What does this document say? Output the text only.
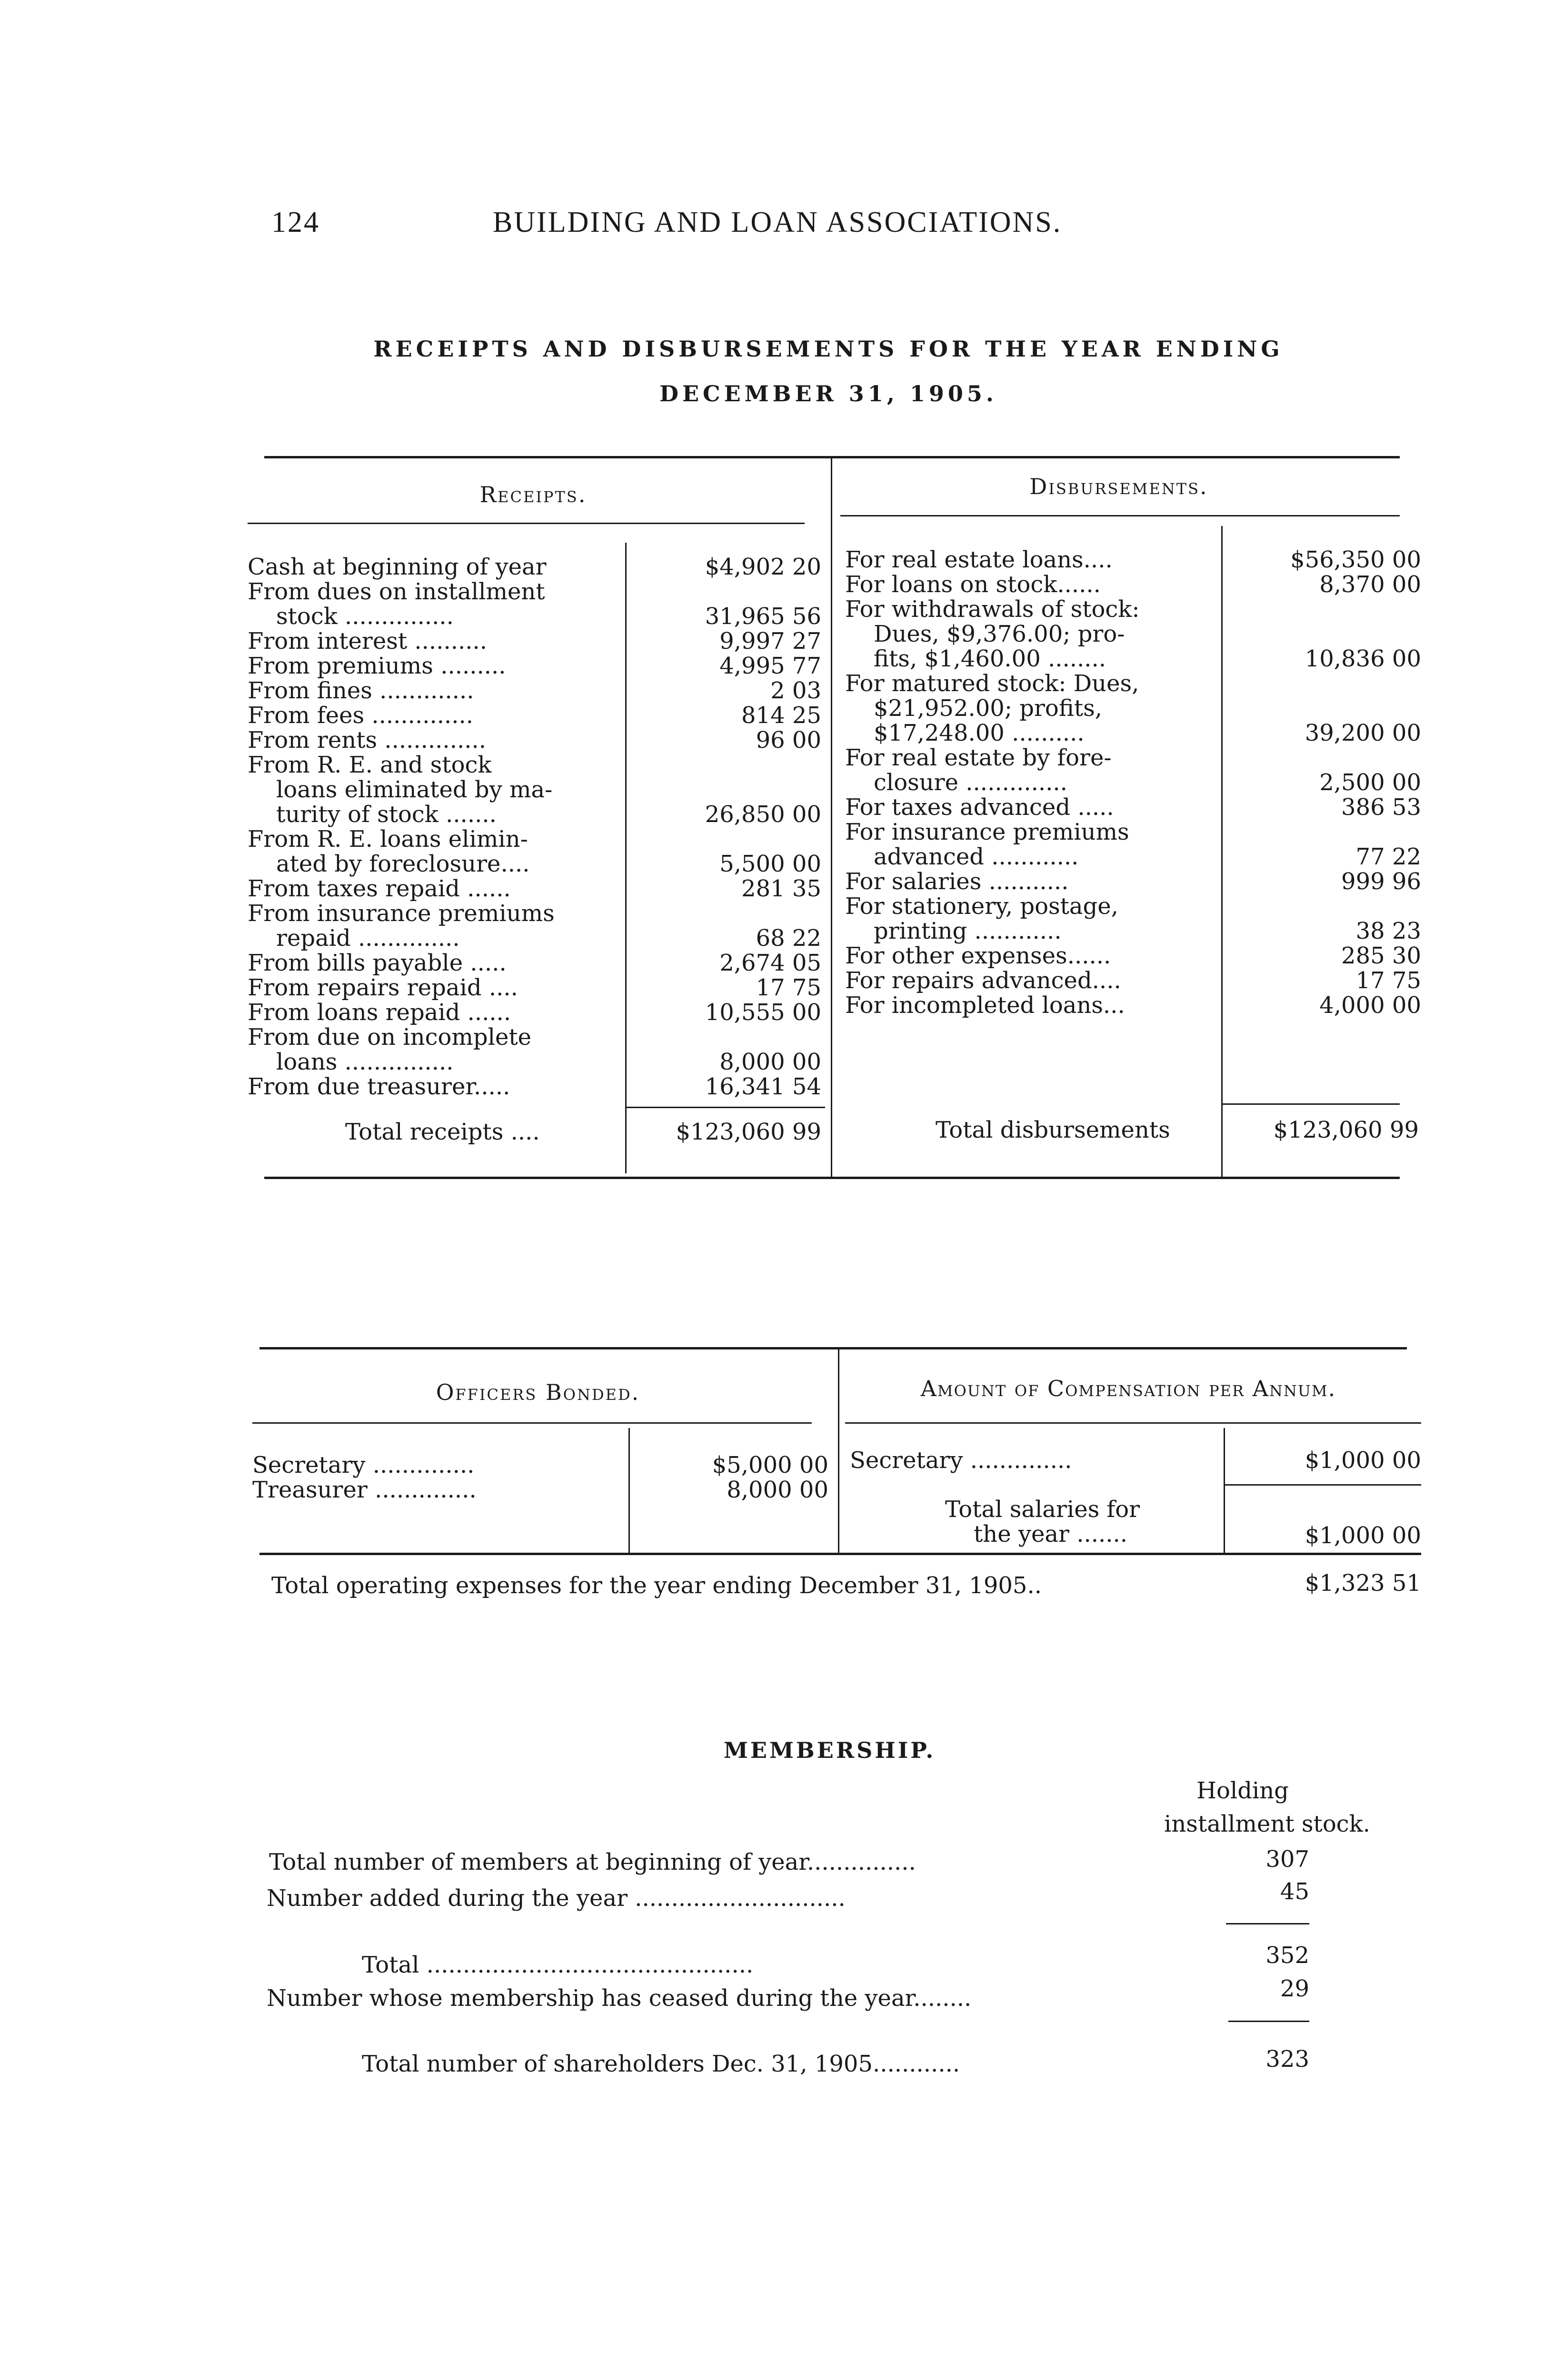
124	BUILDING AND LOAN ASSOCIATIONS.
RECEIPTS AND DISBURSEMENTS FOR THE YEAR ENDING
DECEMBER 31, 1905.
Receipts.	Disbursements.
Cash at beginning of year	$4,902 20
From dues on installment
stock ...............	31,965 56
From interest ..........	9,997 27
From premiums .........	4,995 77
From fines .............	2 03
From fees ..............	814 25
From rents ..............	96 00
From R. E. and stock
loans eliminated by ma-
turity of stock .......	26,850 00
From R. E. loans elimin-
ated by foreclosure....	5,500 00
From taxes repaid ......	281 35
From insurance premiums
repaid ..............	68 22
From bills payable .....	2,674 05
From repairs repaid ....	17 75
From loans repaid ......	10,555 00
From due on incomplete
loans ...............	8,000 00
From due treasurer.....	16,341 54
Total receipts ....	$123,060 99
For real estate loans....	$56,350 00
For loans on stock......	8,370 00
For withdrawals of stock:
Dues, $9,376.00; pro-
fits, $1,460.00 ........	10,836 00
For matured stock: Dues,
$21,952.00; profits,
$17,248.00 ..........	39,200 00
For real estate by fore-
closure ..............	2,500 00
For taxes advanced .....	386 53
For insurance premiums
advanced ............	77 22
For salaries ...........	999 96
For stationery, postage,
printing ............	38 23
For other expenses......	285 30
For repairs advanced....	17 75
For incompleted loans...	4,000 00
Total disbursements	$123,060 99
Officers Bonded.	Amount of Compensation per Annum.
Secretary ..............	$5,000 00
Treasurer ..............	8,000 00
Secretary ..............	$1,000 00
Total salaries for
the year .......	$1,000 00
Total operating expenses for the year ending December 31, 1905..	$1,323 51
MEMBERSHIP.
Holding
installment stock.
Total number of members at beginning of year...............	307
Number added during the year .............................	45
Total .............................................	352
Number whose membership has ceased during the year........	29
Total number of shareholders Dec. 31, 1905............	323
